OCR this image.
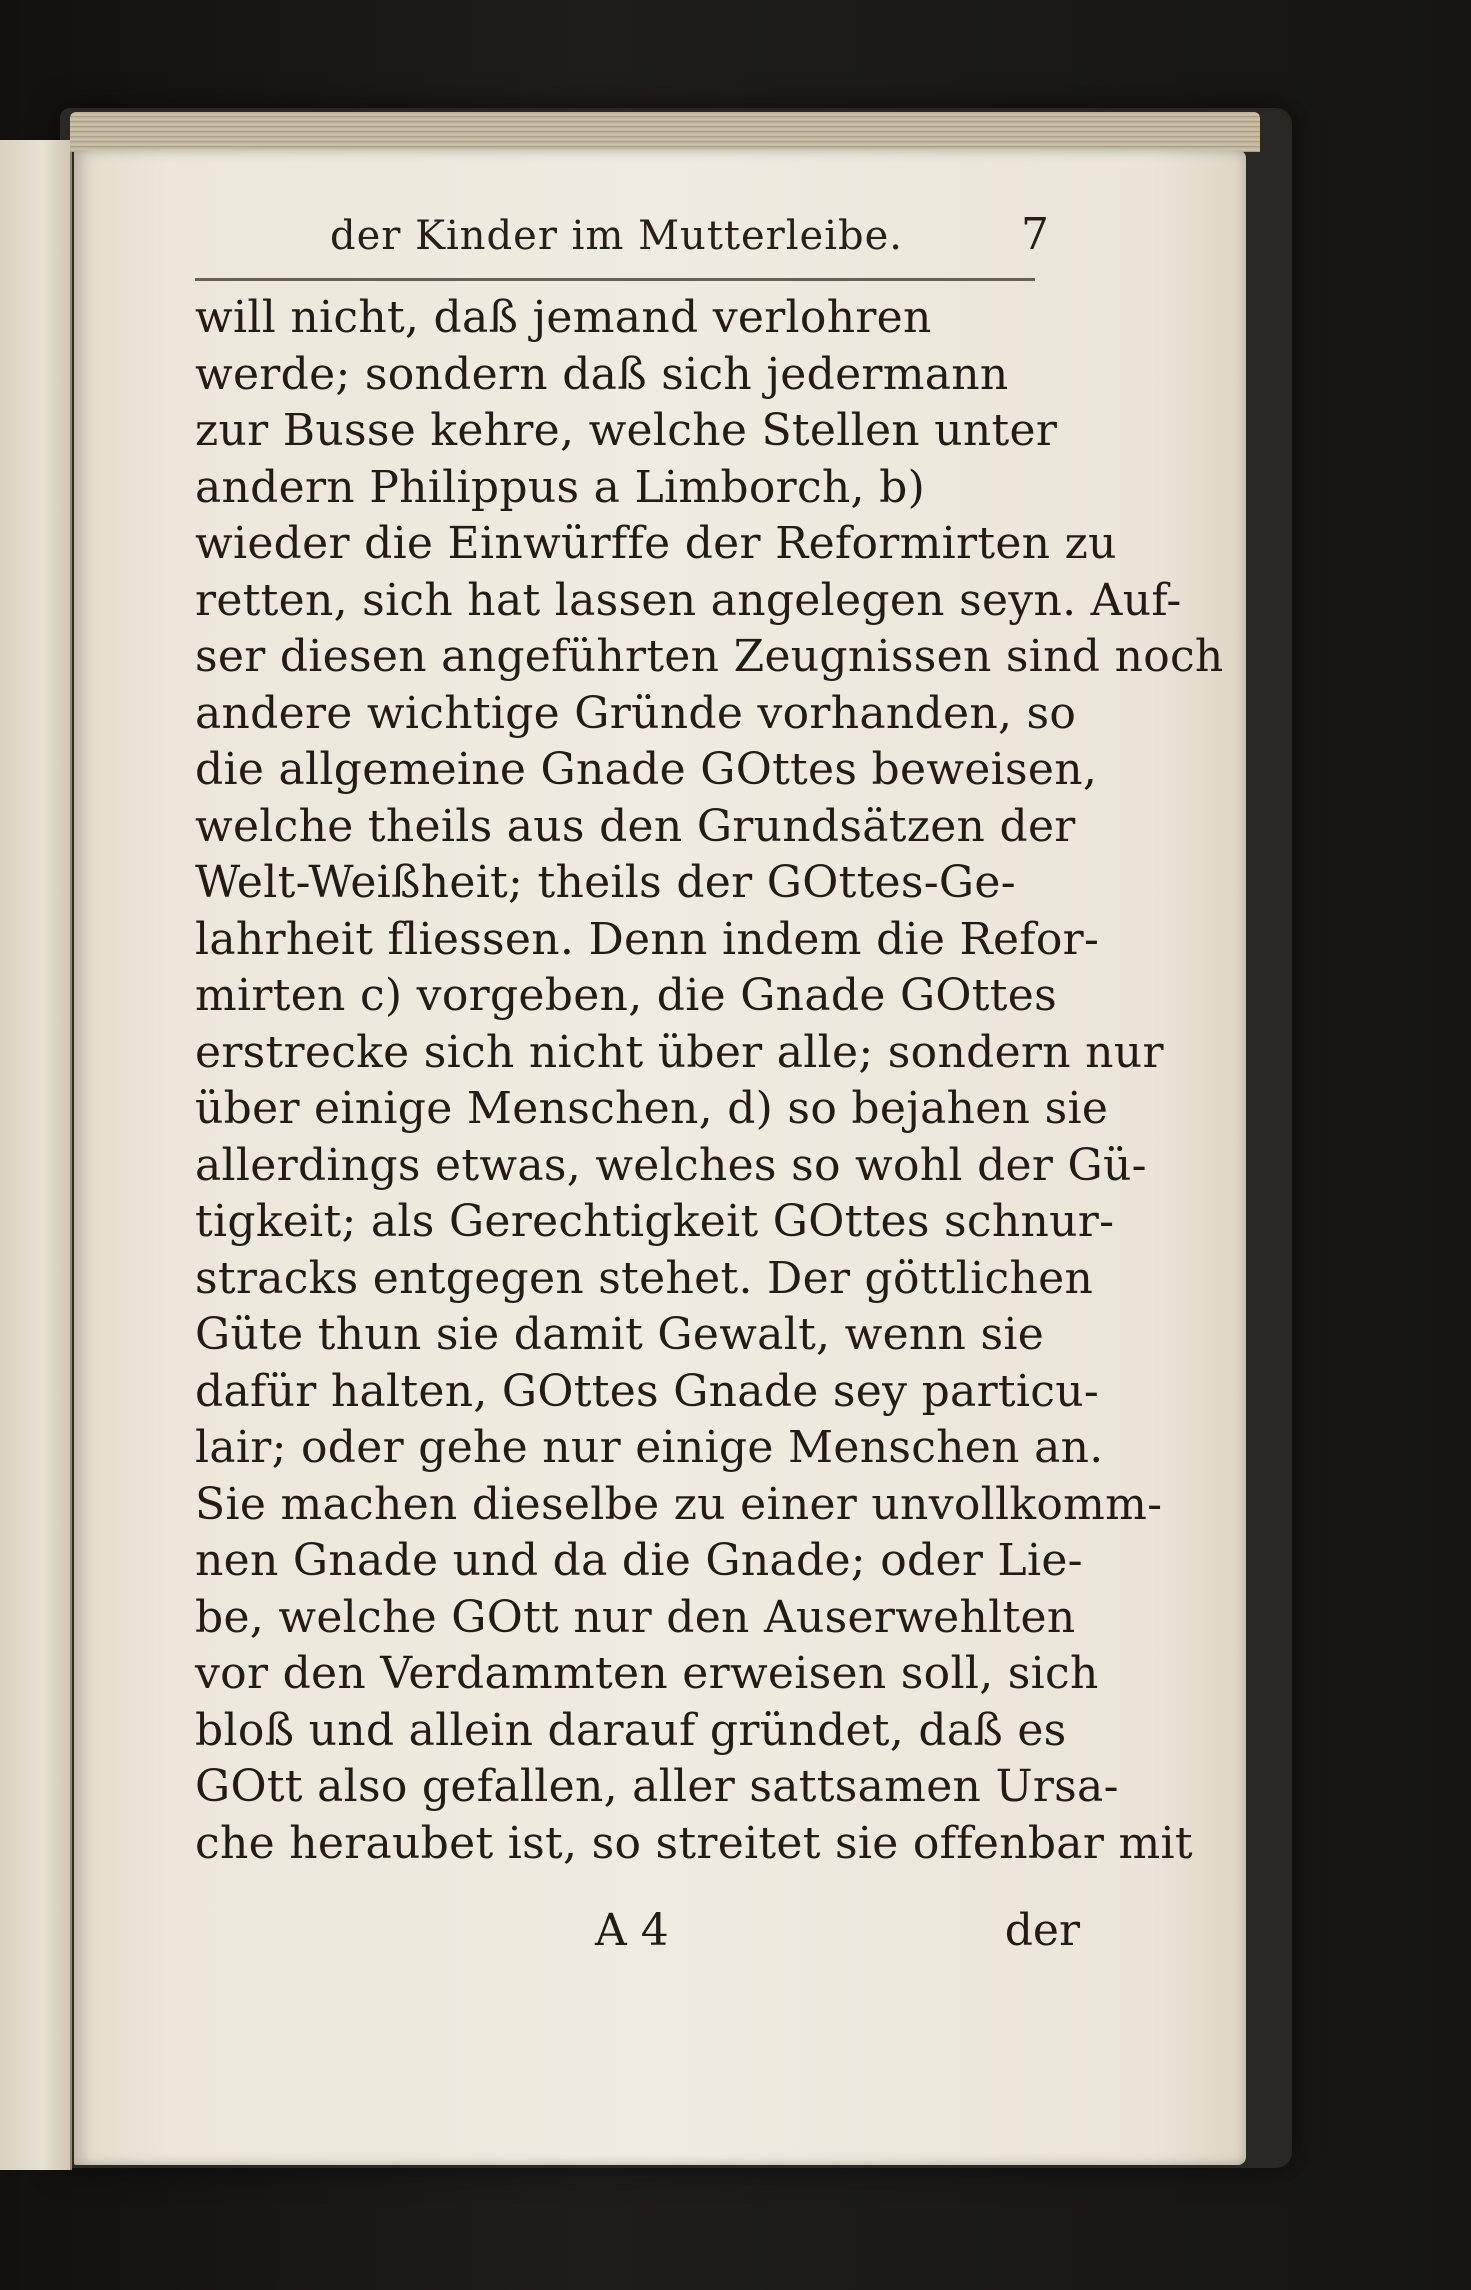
der Kinder im Mutterleibe.	7
will nicht, daß jemand verlohren
werde; sondern daß sich jedermann
zur Busse kehre, welche Stellen unter
andern Philippus a Limborch, b)
wieder die Einwürffe der Reformirten zu
retten, sich hat lassen angelegen seyn. Auf-
ser diesen angeführten Zeugnissen sind noch
andere wichtige Gründe vorhanden, so
die allgemeine Gnade GOttes beweisen,
welche theils aus den Grundsätzen der
Welt-Weißheit; theils der GOttes-Ge-
lahrheit fliessen. Denn indem die Refor-
mirten c) vorgeben, die Gnade GOttes
erstrecke sich nicht über alle; sondern nur
über einige Menschen, d) so bejahen sie
allerdings etwas, welches so wohl der Gü-
tigkeit; als Gerechtigkeit GOttes schnur-
stracks entgegen stehet. Der göttlichen
Güte thun sie damit Gewalt, wenn sie
dafür halten, GOttes Gnade sey particu-
lair; oder gehe nur einige Menschen an.
Sie machen dieselbe zu einer unvollkomm-
nen Gnade und da die Gnade; oder Lie-
be, welche GOtt nur den Auserwehlten
vor den Verdammten erweisen soll, sich
bloß und allein darauf gründet, daß es
GOtt also gefallen, aller sattsamen Ursa-
che heraubet ist, so streitet sie offenbar mit
A 4	der
